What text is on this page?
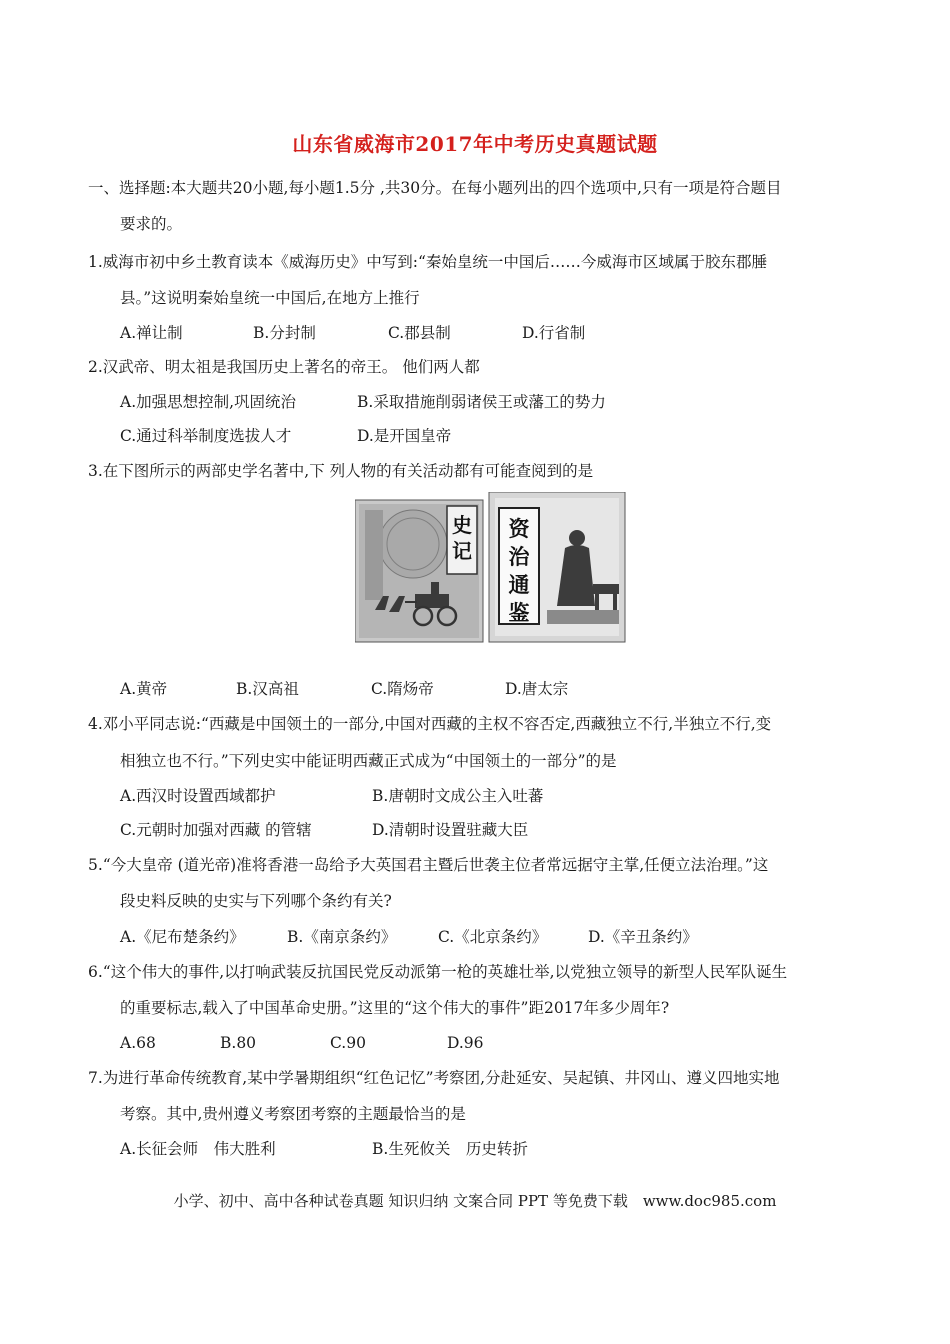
山东省威海市2017年中考历史真题试题
一、选择题:本大题共20小题,每小题1.5分 ,共30分。在每小题列出的四个选项中,只有一项是符合题目
要求的。
1.威海市初中乡土教育读本《威海历史》中写到:“秦始皇统一中国后……今威海市区域属于胶东郡腄
县。”这说明秦始皇统一中国后,在地方上推行
A.禅让制	B.分封制	C.郡县制	D.行省制
2.汉武帝、明太祖是我国历史上著名的帝王。 他们两人都
A.加强思想控制,巩固统治	B.采取措施削弱诸侯王或藩工的势力
C.通过科举制度选拔人才	D.是开国皇帝
3.在下图所示的两部史学名著中,下 列人物的有关活动都有可能查阅到的是
史
记
资
治
通
鉴
A.黄帝	B.汉高祖	C.隋炀帝	D.唐太宗
4.邓小平同志说:“西藏是中国领土的一部分,中国对西藏的主权不容否定,西藏独立不行,半独立不行,变
相独立也不行。”下列史实中能证明西藏正式成为“中国领土的一部分”的是
A.西汉时设置西域都护	B.唐朝时文成公主入吐蕃
C.元朝时加强对西藏 的管辖	D.清朝时设置驻藏大臣
5.“今大皇帝 (道光帝)准将香港一岛给予大英国君主暨后世袭主位者常远据守主掌,任便立法治理。”这
段史料反映的史实与下列哪个条约有关?
A.《尼布楚条约》	B.《南京条约》	C.《北京条约》	D.《辛丑条约》
6.“这个伟大的事件,以打响武装反抗国民党反动派第一枪的英雄壮举,以党独立领导的新型人民军队诞生
的重要标志,载入了中国革命史册。”这里的“这个伟大的事件”距2017年多少周年?
A.68	B.80	C.90	D.96
7.为进行革命传统教育,某中学暑期组织“红色记忆”考察团,分赴延安、吴起镇、井冈山、遵义四地实地
考察。其中,贵州遵义考察团考察的主题最恰当的是
A.长征会师　伟大胜利	B.生死攸关　历史转折
小学、初中、高中各种试卷真题 知识归纳 文案合同 PPT 等免费下载　www.doc985.com
